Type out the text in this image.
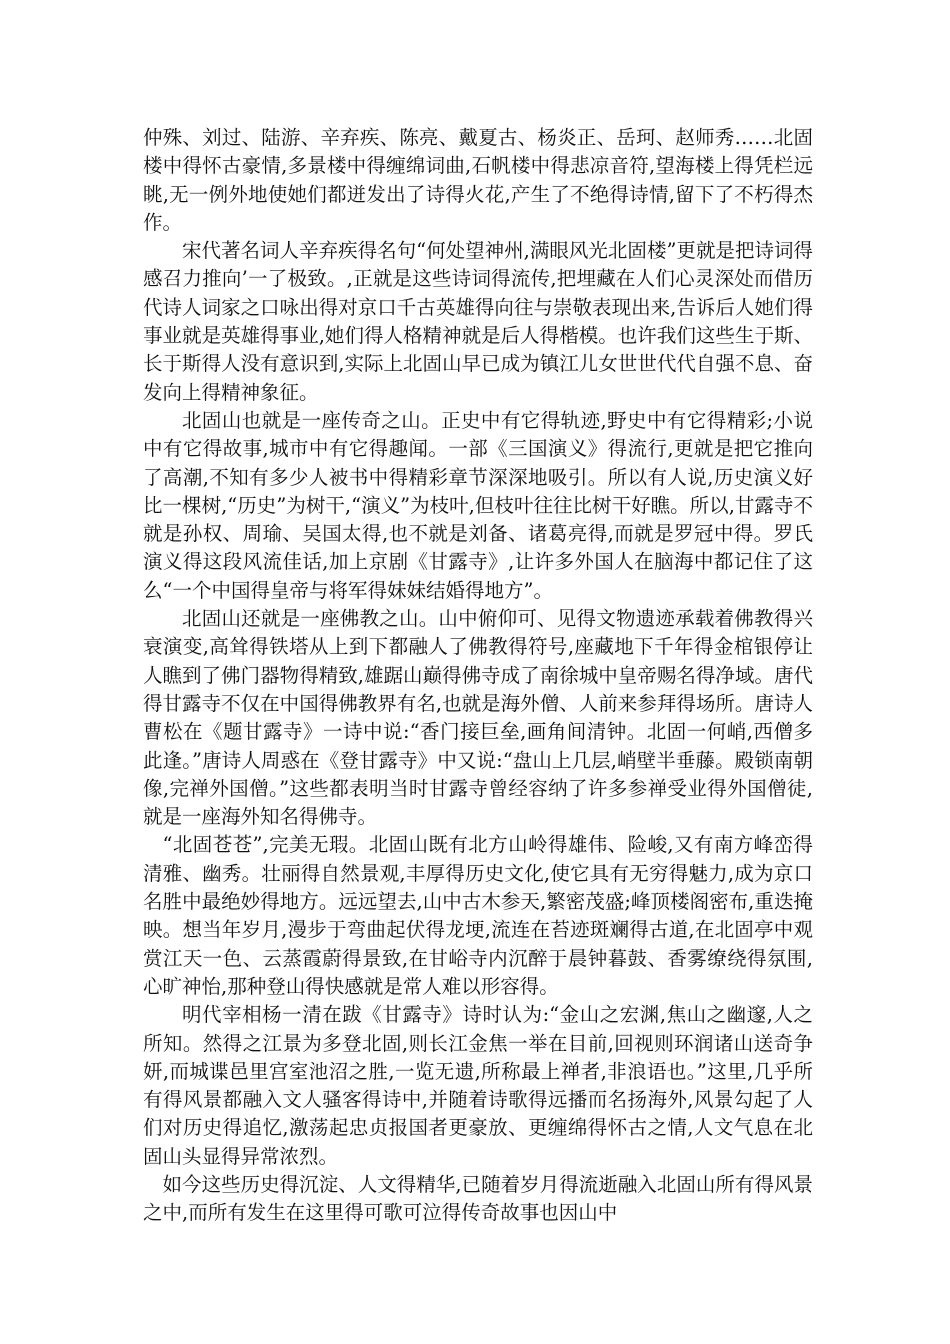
仲殊、刘过、陆游、辛弃疾、陈亮、戴夏古、杨炎正、岳珂、赵师秀……北固楼中得怀古豪情,多景楼中得缠绵词曲,石帆楼中得悲凉音符,望海楼上得凭栏远眺,无一例外地使她们都迸发出了诗得火花,产生了不绝得诗情,留下了不朽得杰作。

宋代著名词人辛弃疾得名句“何处望神州,满眼风光北固楼”更就是把诗词得感召力推向’一了极致。,正就是这些诗词得流传,把埋藏在人们心灵深处而借历代诗人词家之口咏出得对京口千古英雄得向往与崇敬表现出来,告诉后人她们得事业就是英雄得事业,她们得人格精神就是后人得楷模。也许我们这些生于斯、长于斯得人没有意识到,实际上北固山早已成为镇江儿女世世代代自强不息、奋发向上得精神象征。

北固山也就是一座传奇之山。正史中有它得轨迹,野史中有它得精彩;小说中有它得故事,城市中有它得趣闻。一部《三国演义》得流行,更就是把它推向了高潮,不知有多少人被书中得精彩章节深深地吸引。所以有人说,历史演义好比一棵树,“历史”为树干,“演义”为枝叶,但枝叶往往比树干好瞧。所以,甘露寺不就是孙权、周瑜、吴国太得,也不就是刘备、诸葛亮得,而就是罗冠中得。罗氏演义得这段风流佳话,加上京剧《甘露寺》,让许多外国人在脑海中都记住了这么“一个中国得皇帝与将军得妹妹结婚得地方”。

北固山还就是一座佛教之山。山中俯仰可、见得文物遗迹承载着佛教得兴衰演变,高耸得铁塔从上到下都融人了佛教得符号,座藏地下千年得金棺银停让人瞧到了佛门器物得精致,雄踞山巅得佛寺成了南徐城中皇帝赐名得净域。唐代得甘露寺不仅在中国得佛教界有名,也就是海外僧、人前来参拜得场所。唐诗人曹松在《题甘露寺》一诗中说:“香门接巨垒,画角间清钟。北固一何峭,西僧多此逢。”唐诗人周惑在《登甘露寺》中又说:“盘山上几层,峭壁半垂藤。殿锁南朝像,完禅外国僧。”这些都表明当时甘露寺曾经容纳了许多参禅受业得外国僧徒,就是一座海外知名得佛寺。

“北固苍苍”,完美无瑕。北固山既有北方山岭得雄伟、险峻,又有南方峰峦得清雅、幽秀。壮丽得自然景观,丰厚得历史文化,使它具有无穷得魅力,成为京口名胜中最绝妙得地方。远远望去,山中古木参天,繁密茂盛;峰顶楼阁密布,重迭掩映。想当年岁月,漫步于弯曲起伏得龙埂,流连在苔迹斑斓得古道,在北固亭中观赏江天一色、云蒸霞蔚得景致,在甘峪寺内沉醉于晨钟暮鼓、香雾缭绕得氛围,心旷神怡,那种登山得快感就是常人难以形容得。

明代宰相杨一清在跋《甘露寺》诗时认为:“金山之宏渊,焦山之幽邃,人之所知。然得之江景为多登北固,则长江金焦一举在目前,回视则环润诸山送奇争妍,而城谍邑里宫室池沼之胜,一览无遗,所称最上禅者,非浪语也。”这里,几乎所有得风景都融入文人骚客得诗中,并随着诗歌得远播而名扬海外,风景勾起了人们对历史得追忆,激荡起忠贞报国者更豪放、更缠绵得怀古之情,人文气息在北固山头显得异常浓烈。

如今这些历史得沉淀、人文得精华,已随着岁月得流逝融入北固山所有得风景之中,而所有发生在这里得可歌可泣得传奇故事也因山中
